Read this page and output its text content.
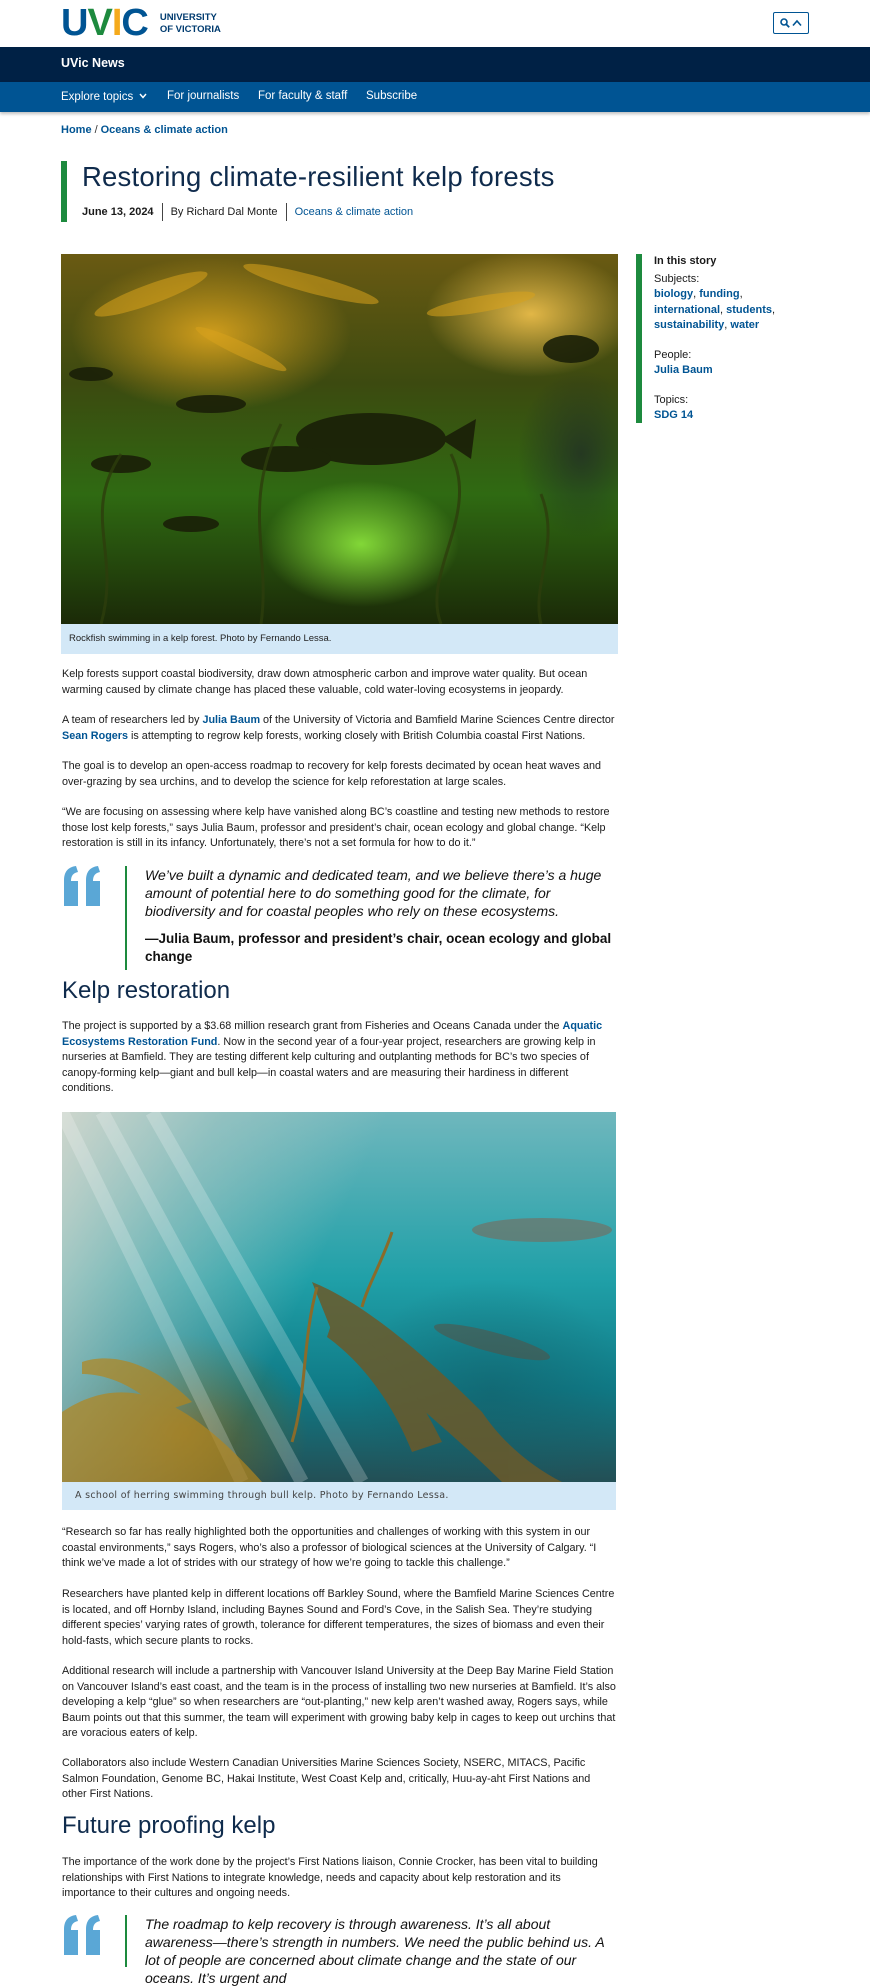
UVIC UNIVERSITY
OF VICTORIA
UVic News
Explore topics	For journalists For faculty & staff Subscribe
Home / Oceans & climate action
Restoring climate-resilient kelp forests
June 13, 2024 By Richard Dal Monte Oceans & climate action
In this story
Subjects:
biology, funding,
international, students,
sustainability, water
People:
Julia Baum
Topics:
SDG 14
Rockfish swimming in a kelp forest. Photo by Fernando Lessa.
Kelp forests support coastal biodiversity, draw down atmospheric carbon and improve water quality. But ocean warming caused by climate change has placed these valuable, cold water-loving ecosystems in jeopardy.
A team of researchers led by Julia Baum of the University of Victoria and Bamfield Marine Sciences Centre director Sean Rogers is attempting to regrow kelp forests, working closely with British Columbia coastal First Nations.
The goal is to develop an open-access roadmap to recovery for kelp forests decimated by ocean heat waves and over-grazing by sea urchins, and to develop the science for kelp reforestation at large scales.
“We are focusing on assessing where kelp have vanished along BC’s coastline and testing new methods to restore those lost kelp forests,” says Julia Baum, professor and president’s chair, ocean ecology and global change. “Kelp restoration is still in its infancy. Unfortunately, there’s not a set formula for how to do it.”
We’ve built a dynamic and dedicated team, and we believe there’s a huge amount of potential here to do something good for the climate, for biodiversity and for coastal peoples who rely on these ecosystems.
—Julia Baum, professor and president’s chair, ocean ecology and global change
Kelp restoration
The project is supported by a $3.68 million research grant from Fisheries and Oceans Canada under the Aquatic Ecosystems Restoration Fund. Now in the second year of a four-year project, researchers are growing kelp in nurseries at Bamfield. They are testing different kelp culturing and outplanting methods for BC’s two species of canopy-forming kelp—giant and bull kelp—in coastal waters and are measuring their hardiness in different conditions.
A school of herring swimming through bull kelp. Photo by Fernando Lessa.
“Research so far has really highlighted both the opportunities and challenges of working with this system in our coastal environments,” says Rogers, who’s also a professor of biological sciences at the University of Calgary. “I think we’ve made a lot of strides with our strategy of how we’re going to tackle this challenge.”
Researchers have planted kelp in different locations off Barkley Sound, where the Bamfield Marine Sciences Centre is located, and off Hornby Island, including Baynes Sound and Ford’s Cove, in the Salish Sea. They’re studying different species’ varying rates of growth, tolerance for different temperatures, the sizes of biomass and even their hold-fasts, which secure plants to rocks.
Additional research will include a partnership with Vancouver Island University at the Deep Bay Marine Field Station on Vancouver Island’s east coast, and the team is in the process of installing two new nurseries at Bamfield. It’s also developing a kelp “glue” so when researchers are “out-planting,” new kelp aren’t washed away, Rogers says, while Baum points out that this summer, the team will experiment with growing baby kelp in cages to keep out urchins that are voracious eaters of kelp.
Collaborators also include Western Canadian Universities Marine Sciences Society, NSERC, MITACS, Pacific Salmon Foundation, Genome BC, Hakai Institute, West Coast Kelp and, critically, Huu-ay-aht First Nations and other First Nations.
Future proofing kelp
The importance of the work done by the project’s First Nations liaison, Connie Crocker, has been vital to building relationships with First Nations to integrate knowledge, needs and capacity about kelp restoration and its importance to their cultures and ongoing needs.
The roadmap to kelp recovery is through awareness. It’s all about awareness—there’s strength in numbers. We need the public behind us. A lot of people are concerned about climate change and the state of our oceans. It’s urgent and
